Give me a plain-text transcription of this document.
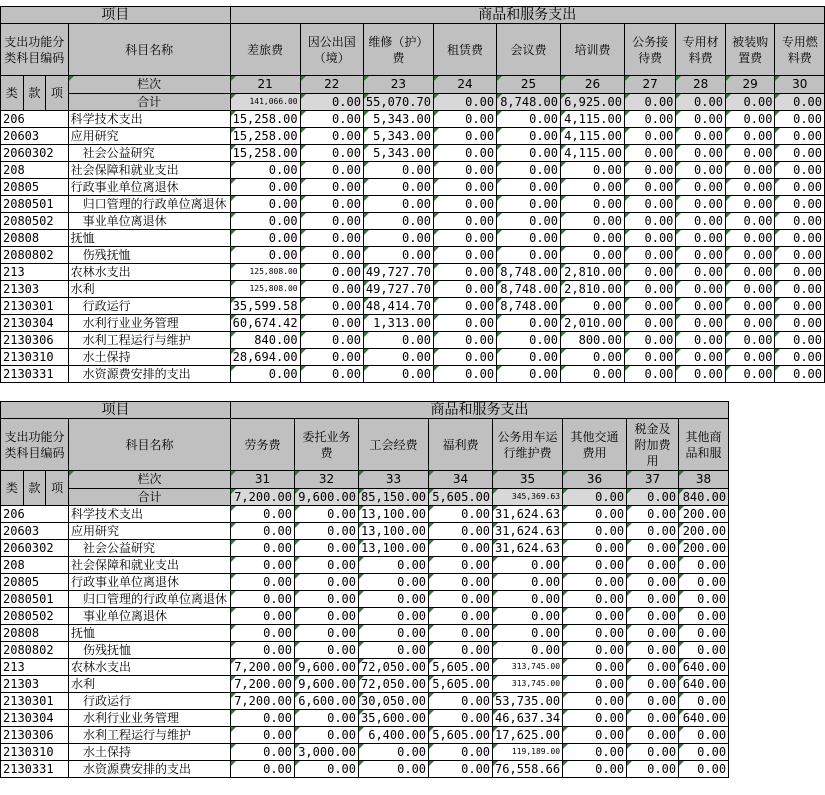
项目		商品和服务支出									
支出功能分类科目编码	科目名称	差旅费	因公出国（境）	维修（护）费	租赁费	会议费	培训费	公务接待费	专用材料费	被装购置费	专用燃料费

类 款 项	栏次	21	22	23	24	25	26	27	28	29	30
	合计	141,066.00	0.00	55,070.70	0.00	8,748.00	6,925.00	0.00	0.00	0.00	0.00
206	科学技术支出	15,258.00	0.00	5,343.00	0.00	0.00	4,115.00	0.00	0.00	0.00	0.00
20603	应用研究	15,258.00	0.00	5,343.00	0.00	0.00	4,115.00	0.00	0.00	0.00	0.00
2060302	社会公益研究	15,258.00	0.00	5,343.00	0.00	0.00	4,115.00	0.00	0.00	0.00	0.00
208	社会保障和就业支出	0.00	0.00	0.00	0.00	0.00	0.00	0.00	0.00	0.00	0.00
20805	行政事业单位离退休	0.00	0.00	0.00	0.00	0.00	0.00	0.00	0.00	0.00	0.00
2080501	归口管理的行政单位离退休	0.00	0.00	0.00	0.00	0.00	0.00	0.00	0.00	0.00	0.00
2080502	事业单位离退休	0.00	0.00	0.00	0.00	0.00	0.00	0.00	0.00	0.00	0.00
20808	抚恤	0.00	0.00	0.00	0.00	0.00	0.00	0.00	0.00	0.00	0.00
2080802	伤残抚恤	0.00	0.00	0.00	0.00	0.00	0.00	0.00	0.00	0.00	0.00
213	农林水支出	125,808.00	0.00	49,727.70	0.00	8,748.00	2,810.00	0.00	0.00	0.00	0.00
21303	水利	125,808.00	0.00	49,727.70	0.00	8,748.00	2,810.00	0.00	0.00	0.00	0.00
2130301	行政运行	35,599.58	0.00	48,414.70	0.00	8,748.00	0.00	0.00	0.00	0.00	0.00
2130304	水利行业业务管理	60,674.42	0.00	1,313.00	0.00	0.00	2,010.00	0.00	0.00	0.00	0.00
2130306	水利工程运行与维护	840.00	0.00	0.00	0.00	0.00	800.00	0.00	0.00	0.00	0.00
2130310	水土保持	28,694.00	0.00	0.00	0.00	0.00	0.00	0.00	0.00	0.00	0.00
2130331	水资源费安排的支出	0.00	0.00	0.00	0.00	0.00	0.00	0.00	0.00	0.00	0.00
项目		商品和服务支出							
支出功能分类科目编码	科目名称	劳务费	委托业务费	工会经费	福利费	公务用车运行维护费	其他交通费用	税金及附加费用	其他商品和服

类 款 项	栏次	31	32	33	34	35	36	37	38
	合计	7,200.00	9,600.00	85,150.00	5,605.00	345,369.63	0.00	0.00	840.00
206	科学技术支出	0.00	0.00	13,100.00	0.00	31,624.63	0.00	0.00	200.00
20603	应用研究	0.00	0.00	13,100.00	0.00	31,624.63	0.00	0.00	200.00
2060302	社会公益研究	0.00	0.00	13,100.00	0.00	31,624.63	0.00	0.00	200.00
208	社会保障和就业支出	0.00	0.00	0.00	0.00	0.00	0.00	0.00	0.00
20805	行政事业单位离退休	0.00	0.00	0.00	0.00	0.00	0.00	0.00	0.00
2080501	归口管理的行政单位离退休	0.00	0.00	0.00	0.00	0.00	0.00	0.00	0.00
2080502	事业单位离退休	0.00	0.00	0.00	0.00	0.00	0.00	0.00	0.00
20808	抚恤	0.00	0.00	0.00	0.00	0.00	0.00	0.00	0.00
2080802	伤残抚恤	0.00	0.00	0.00	0.00	0.00	0.00	0.00	0.00
213	农林水支出	7,200.00	9,600.00	72,050.00	5,605.00	313,745.00	0.00	0.00	640.00
21303	水利	7,200.00	9,600.00	72,050.00	5,605.00	313,745.00	0.00	0.00	640.00
2130301	行政运行	7,200.00	6,600.00	30,050.00	0.00	53,735.00	0.00	0.00	0.00
2130304	水利行业业务管理	0.00	0.00	35,600.00	0.00	46,637.34	0.00	0.00	640.00
2130306	水利工程运行与维护	0.00	0.00	6,400.00	5,605.00	17,625.00	0.00	0.00	0.00
2130310	水土保持	0.00	3,000.00	0.00	0.00	119,189.00	0.00	0.00	0.00
2130331	水资源费安排的支出	0.00	0.00	0.00	0.00	76,558.66	0.00	0.00	0.00
